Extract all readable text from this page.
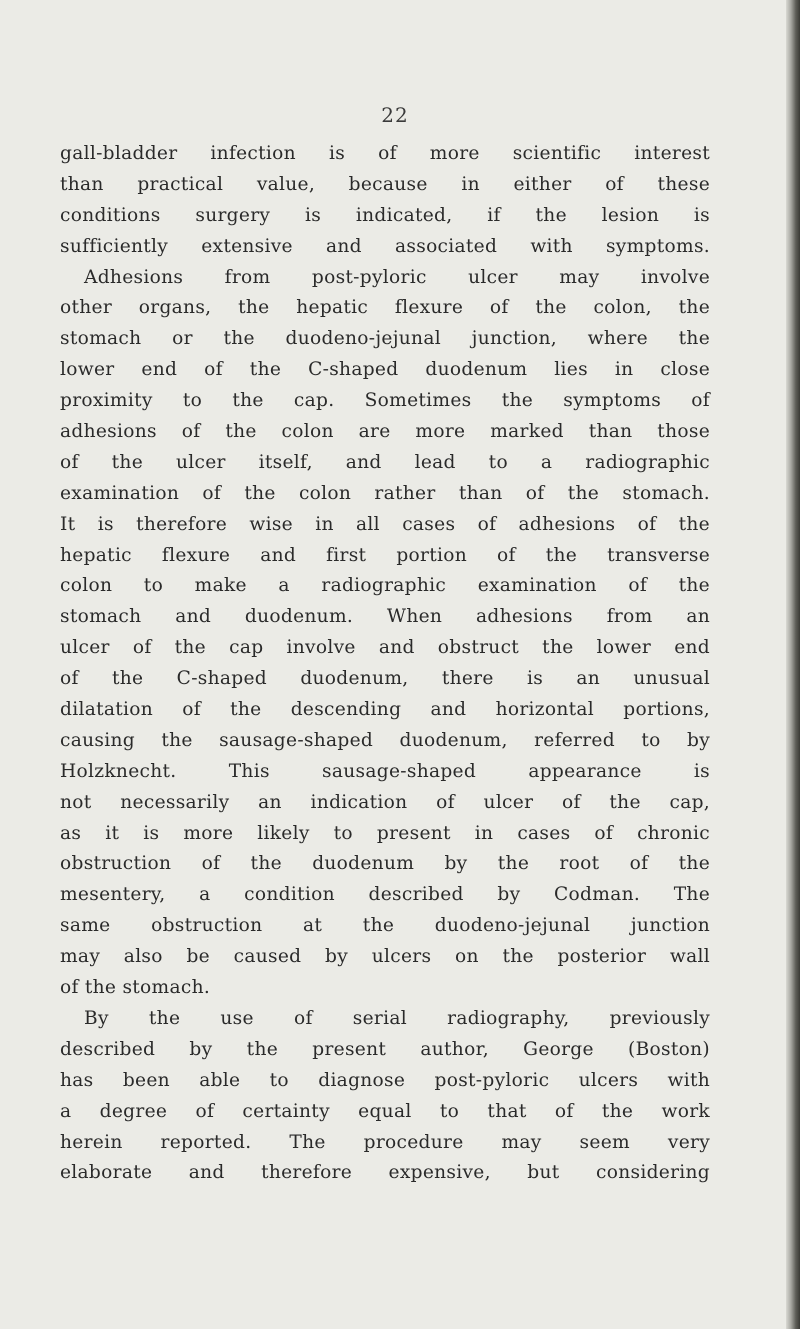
22
gall-bladder infection is of more scientific interest
than practical value, because in either of these
conditions surgery is indicated, if the lesion is
sufficiently extensive and associated with symptoms.
Adhesions from post-pyloric ulcer may involve
other organs, the hepatic flexure of the colon, the
stomach or the duodeno-jejunal junction, where the
lower end of the C-shaped duodenum lies in close
proximity to the cap. Sometimes the symptoms of
adhesions of the colon are more marked than those
of the ulcer itself, and lead to a radiographic
examination of the colon rather than of the stomach.
It is therefore wise in all cases of adhesions of the
hepatic flexure and first portion of the transverse
colon to make a radiographic examination of the
stomach and duodenum. When adhesions from an
ulcer of the cap involve and obstruct the lower end
of the C-shaped duodenum, there is an unusual
dilatation of the descending and horizontal portions,
causing the sausage-shaped duodenum, referred to by
Holzknecht. This sausage-shaped appearance is
not necessarily an indication of ulcer of the cap,
as it is more likely to present in cases of chronic
obstruction of the duodenum by the root of the
mesentery, a condition described by Codman. The
same obstruction at the duodeno-jejunal junction
may also be caused by ulcers on the posterior wall
of the stomach.
By the use of serial radiography, previously
described by the present author, George (Boston)
has been able to diagnose post-pyloric ulcers with
a degree of certainty equal to that of the work
herein reported. The procedure may seem very
elaborate and therefore expensive, but considering
